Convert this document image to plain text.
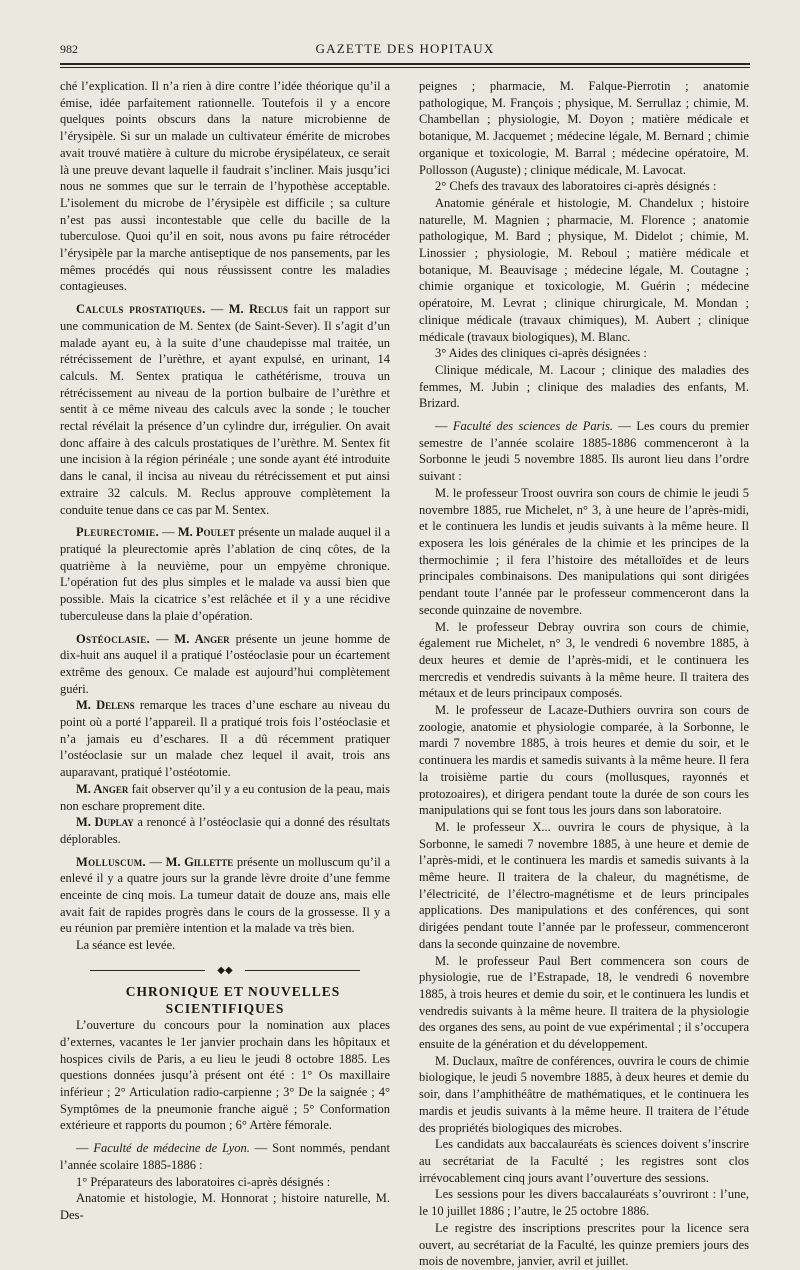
982	GAZETTE DES HOPITAUX

ché l’explication. Il n’a rien à dire contre l’idée théorique qu’il a émise, idée parfaitement rationnelle. Toutefois il y a encore quelques points obscurs dans la nature microbienne de l’érysipèle. Si sur un malade un cultivateur émérite de microbes avait trouvé matière à culture du microbe érysipélateux, ce serait là une preuve devant laquelle il faudrait s’incliner. Mais jusqu’ici nous ne sommes que sur le terrain de l’hypothèse acceptable. L’isolement du microbe de l’érysipèle est difficile ; sa culture n’est pas aussi incontestable que celle du bacille de la tuberculose. Quoi qu’il en soit, nous avons pu faire rétrocéder l’érysipèle par la marche antiseptique de nos pansements, par les mêmes procédés qui nous réussissent contre les maladies contagieuses.

Calculs prostatiques. — M. Reclus fait un rapport sur une communication de M. Sentex (de Saint-Sever). Il s’agit d’un malade ayant eu, à la suite d’une chaudepisse mal traitée, un rétrécissement de l’urèthre, et ayant expulsé, en urinant, 14 calculs. M. Sentex pratiqua le cathétérisme, trouva un rétrécissement au niveau de la portion bulbaire de l’urèthre et sentit à ce même niveau des calculs avec la sonde ; le toucher rectal révélait la présence d’un cylindre dur, irrégulier. On avait donc affaire à des calculs prostatiques de l’urèthre. M. Sentex fit une incision à la région périnéale ; une sonde ayant été introduite dans le canal, il incisa au niveau du rétrécissement et put ainsi extraire 32 calculs. M. Reclus approuve complètement la conduite tenue dans ce cas par M. Sentex.

Pleurectomie. — M. Poulet présente un malade auquel il a pratiqué la pleurectomie après l’ablation de cinq côtes, de la quatrième à la neuvième, pour un empyème chronique. L’opération fut des plus simples et le malade va aussi bien que possible. Mais la cicatrice s’est relâchée et il y a une récidive tuberculeuse dans la plaie d’opération.

Ostéoclasie. — M. Anger présente un jeune homme de dix-huit ans auquel il a pratiqué l’ostéoclasie pour un écartement extrême des genoux. Ce malade est aujourd’hui complètement guéri.

M. Delens remarque les traces d’une eschare au niveau du point où a porté l’appareil. Il a pratiqué trois fois l’ostéoclasie et n’a jamais eu d’eschares. Il a dû récemment pratiquer l’ostéoclasie sur un malade chez lequel il avait, trois ans auparavant, pratiqué l’ostéotomie.

M. Anger fait observer qu’il y a eu contusion de la peau, mais non eschare proprement dite.

M. Duplay a renoncé à l’ostéoclasie qui a donné des résultats déplorables.

Molluscum. — M. Gillette présente un molluscum qu’il a enlevé il y a quatre jours sur la grande lèvre droite d’une femme enceinte de cinq mois. La tumeur datait de douze ans, mais elle avait fait de rapides progrès dans le cours de la grossesse. Il y a eu réunion par première intention et la malade va très bien.

La séance est levée.

◆◆

CHRONIQUE ET NOUVELLES SCIENTIFIQUES

L’ouverture du concours pour la nomination aux places d’externes, vacantes le 1er janvier prochain dans les hôpitaux et hospices civils de Paris, a eu lieu le jeudi 8 octobre 1885. Les questions données jusqu’à présent ont été : 1° Os maxillaire inférieur ; 2° Articulation radio-carpienne ; 3° De la saignée ; 4° Symptômes de la pneumonie franche aiguë ; 5° Conformation extérieure et rapports du poumon ; 6° Artère fémorale.

— Faculté de médecine de Lyon. — Sont nommés, pendant l’année scolaire 1885-1886 :

1° Préparateurs des laboratoires ci-après désignés :

Anatomie et histologie, M. Honnorat ; histoire naturelle, M. Des-

peignes ; pharmacie, M. Falque-Pierrotin ; anatomie pathologique, M. François ; physique, M. Serrullaz ; chimie, M. Chambellan ; physiologie, M. Doyon ; matière médicale et botanique, M. Jacquemet ; médecine légale, M. Bernard ; chimie organique et toxicologie, M. Barral ; médecine opératoire, M. Pollosson (Auguste) ; clinique médicale, M. Lavocat.

2° Chefs des travaux des laboratoires ci-après désignés :

Anatomie générale et histologie, M. Chandelux ; histoire naturelle, M. Magnien ; pharmacie, M. Florence ; anatomie pathologique, M. Bard ; physique, M. Didelot ; chimie, M. Linossier ; physiologie, M. Reboul ; matière médicale et botanique, M. Beauvisage ; médecine légale, M. Coutagne ; chimie organique et toxicologie, M. Guérin ; médecine opératoire, M. Levrat ; clinique chirurgicale, M. Mondan ; clinique médicale (travaux chimiques), M. Aubert ; clinique médicale (travaux biologiques), M. Blanc.

3° Aides des cliniques ci-après désignées :

Clinique médicale, M. Lacour ; clinique des maladies des femmes, M. Jubin ; clinique des maladies des enfants, M. Brizard.

— Faculté des sciences de Paris. — Les cours du premier semestre de l’année scolaire 1885-1886 commenceront à la Sorbonne le jeudi 5 novembre 1885. Ils auront lieu dans l’ordre suivant :

M. le professeur Troost ouvrira son cours de chimie le jeudi 5 novembre 1885, rue Michelet, n° 3, à une heure de l’après-midi, et le continuera les lundis et jeudis suivants à la même heure. Il exposera les lois générales de la chimie et les principes de la thermochimie ; il fera l’histoire des métalloïdes et de leurs principales combinaisons. Des manipulations qui sont dirigées pendant toute l’année par le professeur commenceront dans la seconde quinzaine de novembre.

M. le professeur Debray ouvrira son cours de chimie, également rue Michelet, n° 3, le vendredi 6 novembre 1885, à deux heures et demie de l’après-midi, et le continuera les mercredis et vendredis suivants à la même heure. Il traitera des métaux et de leurs principaux composés.

M. le professeur de Lacaze-Duthiers ouvrira son cours de zoologie, anatomie et physiologie comparée, à la Sorbonne, le mardi 7 novembre 1885, à trois heures et demie du soir, et le continuera les mardis et samedis suivants à la même heure. Il fera la troisième partie du cours (mollusques, rayonnés et protozoaires), et dirigera pendant toute la durée de son cours les manipulations qui se font tous les jours dans son laboratoire.

M. le professeur X... ouvrira le cours de physique, à la Sorbonne, le samedi 7 novembre 1885, à une heure et demie de l’après-midi, et le continuera les mardis et samedis suivants à la même heure. Il traitera de la chaleur, du magnétisme, de l’électricité, de l’électro-magnétisme et de leurs principales applications. Des manipulations et des conférences, qui sont dirigées pendant toute l’année par le professeur, commenceront dans la seconde quinzaine de novembre.

M. le professeur Paul Bert commencera son cours de physiologie, rue de l’Estrapade, 18, le vendredi 6 novembre 1885, à trois heures et demie du soir, et le continuera les lundis et vendredis suivants à la même heure. Il traitera de la physiologie des organes des sens, au point de vue expérimental ; il s’occupera ensuite de la génération et du développement.

M. Duclaux, maître de conférences, ouvrira le cours de chimie biologique, le jeudi 5 novembre 1885, à deux heures et demie du soir, dans l’amphithéâtre de mathématiques, et le continuera les mardis et jeudis suivants à la même heure. Il traitera de l’étude des propriétés biologiques des microbes.

Les candidats aux baccalauréats ès sciences doivent s’inscrire au secrétariat de la Faculté ; les registres sont clos irrévocablement cinq jours avant l’ouverture des sessions.

Les sessions pour les divers baccalauréats s’ouvriront : l’une, le 10 juillet 1886 ; l’autre, le 25 octobre 1886.

Le registre des inscriptions prescrites pour la licence sera ouvert, au secrétariat de la Faculté, les quinze premiers jours des mois de novembre, janvier, avril et juillet.
